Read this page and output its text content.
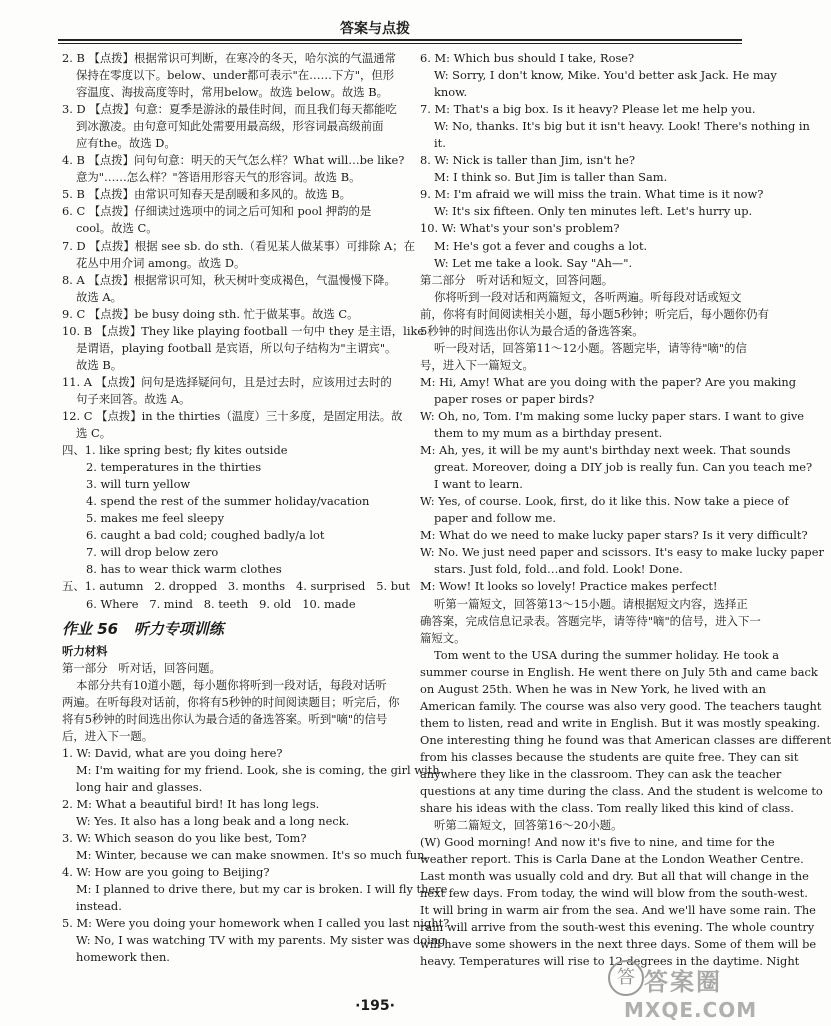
答案与点拨
2. B 【点拨】根据常识可判断，在寒冷的冬天，哈尔滨的气温通常
保持在零度以下。below、under都可表示"在……下方"，但形
容温度、海拔高度等时，常用below。故选 below。故选 B。
3. D 【点拨】句意：夏季是游泳的最佳时间，而且我们每天都能吃
到冰激凌。由句意可知此处需要用最高级，形容词最高级前面
应有the。故选 D。
4. B 【点拨】问句句意：明天的天气怎么样？What will…be like?
意为"……怎么样？"答语用形容天气的形容词。故选 B。
5. B 【点拨】由常识可知春天是刮暖和多风的。故选 B。
6. C 【点拨】仔细读过选项中的词之后可知和 pool 押韵的是
cool。故选 C。
7. D 【点拨】根据 see sb. do sth.（看见某人做某事）可排除 A；在
花丛中用介词 among。故选 D。
8. A 【点拨】根据常识可知，秋天树叶变成褐色，气温慢慢下降。
故选 A。
9. C 【点拨】be busy doing sth. 忙于做某事。故选 C。
10. B 【点拨】They like playing football 一句中 they 是主语，like
是谓语，playing football 是宾语，所以句子结构为"主谓宾"。
故选 B。
11. A 【点拨】问句是选择疑问句，且是过去时，应该用过去时的
句子来回答。故选 A。
12. C 【点拨】in the thirties（温度）三十多度，是固定用法。故
选 C。
四、1. like spring best; fly kites outside
2. temperatures in the thirties
3. will turn yellow
4. spend the rest of the summer holiday/vacation
5. makes me feel sleepy
6. caught a bad cold; coughed badly/a lot
7. will drop below zero
8. has to wear thick warm clothes
五、1. autumn   2. dropped   3. months   4. surprised   5. but
6. Where   7. mind   8. teeth   9. old   10. made
作业 56   听力专项训练
听力材料
第一部分   听对话，回答问题。
本部分共有10道小题，每小题你将听到一段对话，每段对话听
两遍。在听每段对话前，你将有5秒钟的时间阅读题目；听完后，你
将有5秒钟的时间选出你认为最合适的备选答案。听到"嘀"的信号
后，进入下一题。
1. W: David, what are you doing here?
M: I'm waiting for my friend. Look, she is coming, the girl with
long hair and glasses.
2. M: What a beautiful bird! It has long legs.
W: Yes. It also has a long beak and a long neck.
3. W: Which season do you like best, Tom?
M: Winter, because we can make snowmen. It's so much fun.
4. W: How are you going to Beijing?
M: I planned to drive there, but my car is broken. I will fly there
instead.
5. M: Were you doing your homework when I called you last night?
W: No, I was watching TV with my parents. My sister was doing
homework then.
6. M: Which bus should I take, Rose?
W: Sorry, I don't know, Mike. You'd better ask Jack. He may
know.
7. M: That's a big box. Is it heavy? Please let me help you.
W: No, thanks. It's big but it isn't heavy. Look! There's nothing in
it.
8. W: Nick is taller than Jim, isn't he?
M: I think so. But Jim is taller than Sam.
9. M: I'm afraid we will miss the train. What time is it now?
W: It's six fifteen. Only ten minutes left. Let's hurry up.
10. W: What's your son's problem?
M: He's got a fever and coughs a lot.
W: Let me take a look. Say "Ah—".
第二部分   听对话和短文，回答问题。
你将听到一段对话和两篇短文，各听两遍。听每段对话或短文
前，你将有时间阅读相关小题，每小题5秒钟；听完后，每小题你仍有
5秒钟的时间选出你认为最合适的备选答案。
听一段对话，回答第11～12小题。答题完毕，请等待"嘀"的信
号，进入下一篇短文。
M: Hi, Amy! What are you doing with the paper? Are you making
paper roses or paper birds?
W: Oh, no, Tom. I'm making some lucky paper stars. I want to give
them to my mum as a birthday present.
M: Ah, yes, it will be my aunt's birthday next week. That sounds
great. Moreover, doing a DIY job is really fun. Can you teach me?
I want to learn.
W: Yes, of course. Look, first, do it like this. Now take a piece of
paper and follow me.
M: What do we need to make lucky paper stars? Is it very difficult?
W: No. We just need paper and scissors. It's easy to make lucky paper
stars. Just fold, fold…and fold. Look! Done.
M: Wow! It looks so lovely! Practice makes perfect!
听第一篇短文，回答第13～15小题。请根据短文内容，选择正
确答案，完成信息记录表。答题完毕，请等待"嘀"的信号，进入下一
篇短文。
Tom went to the USA during the summer holiday. He took a
summer course in English. He went there on July 5th and came back
on August 25th. When he was in New York, he lived with an
American family. The course was also very good. The teachers taught
them to listen, read and write in English. But it was mostly speaking.
One interesting thing he found was that American classes are different
from his classes because the students are quite free. They can sit
anywhere they like in the classroom. They can ask the teacher
questions at any time during the class. And the student is welcome to
share his ideas with the class. Tom really liked this kind of class.
听第二篇短文，回答第16～20小题。
(W) Good morning! And now it's five to nine, and time for the
weather report. This is Carla Dane at the London Weather Centre.
Last month was usually cold and dry. But all that will change in the
next few days. From today, the wind will blow from the south-west.
It will bring in warm air from the sea. And we'll have some rain. The
rain will arrive from the south-west this evening. The whole country
will have some showers in the next three days. Some of them will be
heavy. Temperatures will rise to 12 degrees in the daytime. Night
·195·
答 答案圈
MXQE.COM
